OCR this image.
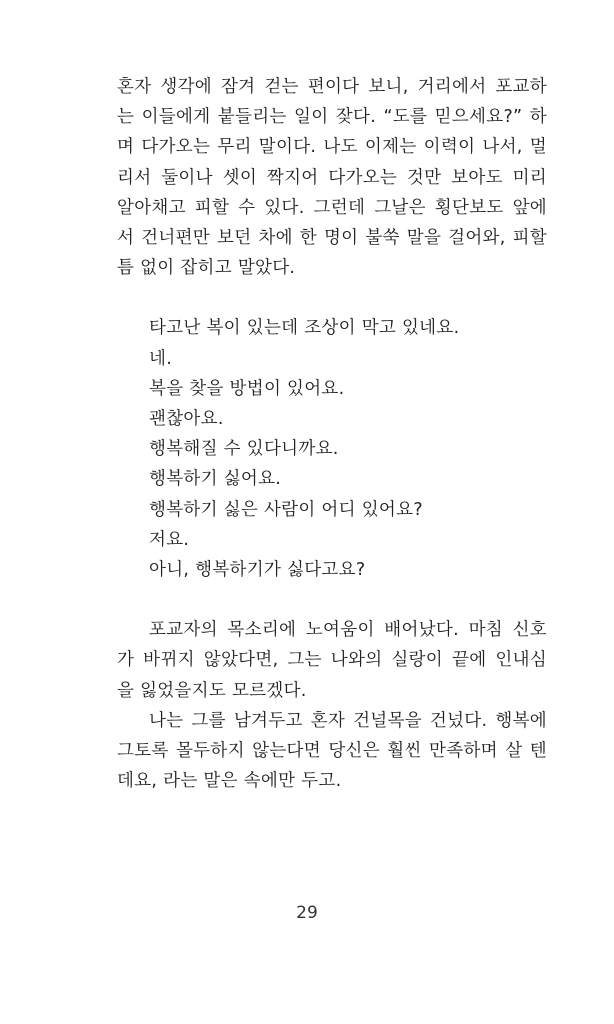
혼자 생각에 잠겨 걷는 편이다 보니, 거리에서 포교하
는 이들에게 붙들리는 일이 잦다. “도를 믿으세요?” 하
며 다가오는 무리 말이다. 나도 이제는 이력이 나서, 멀
리서 둘이나 셋이 짝지어 다가오는 것만 보아도 미리
알아채고 피할 수 있다. 그런데 그날은 횡단보도 앞에
서 건너편만 보던 차에 한 명이 불쑥 말을 걸어와, 피할
틈 없이 잡히고 말았다.

타고난 복이 있는데 조상이 막고 있네요.
네.
복을 찾을 방법이 있어요.
괜찮아요.
행복해질 수 있다니까요.
행복하기 싫어요.
행복하기 싫은 사람이 어디 있어요?
저요.
아니, 행복하기가 싫다고요?

포교자의 목소리에 노여움이 배어났다. 마침 신호
가 바뀌지 않았다면, 그는 나와의 실랑이 끝에 인내심
을 잃었을지도 모르겠다.

나는 그를 남겨두고 혼자 건널목을 건넜다. 행복에
그토록 몰두하지 않는다면 당신은 훨씬 만족하며 살 텐
데요, 라는 말은 속에만 두고.

29
